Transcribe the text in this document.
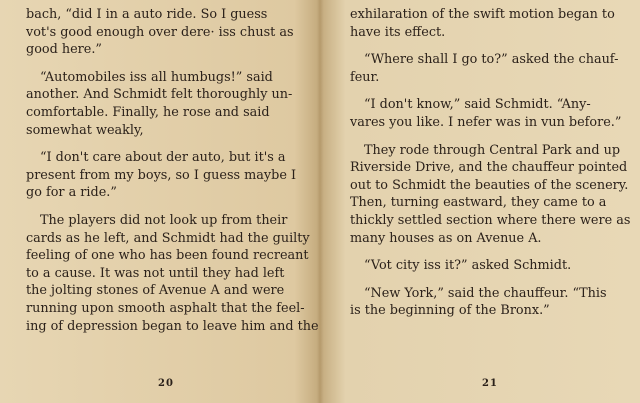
bach, “did I in a auto ride. So I guess
vot's good enough over dere· iss chust as
good here.”

“Automobiles iss all humbugs!” said
another. And Schmidt felt thoroughly un-
comfortable. Finally, he rose and said
somewhat weakly,

“I don't care about der auto, but it's a
present from my boys, so I guess maybe I
go for a ride.”

The players did not look up from their
cards as he left, and Schmidt had the guilty
feeling of one who has been found recreant
to a cause. It was not until they had left
the jolting stones of Avenue A and were
running upon smooth asphalt that the feel-
ing of depression began to leave him and the

20

exhilaration of the swift motion began to
have its effect.

“Where shall I go to?” asked the chauf-
feur.

“I don't know,” said Schmidt. “Any-
vares you like. I nefer was in vun before.”

They rode through Central Park and up
Riverside Drive, and the chauffeur pointed
out to Schmidt the beauties of the scenery.
Then, turning eastward, they came to a
thickly settled section where there were as
many houses as on Avenue A.

“Vot city iss it?” asked Schmidt.

“New York,” said the chauffeur. “This
is the beginning of the Bronx.”

21
